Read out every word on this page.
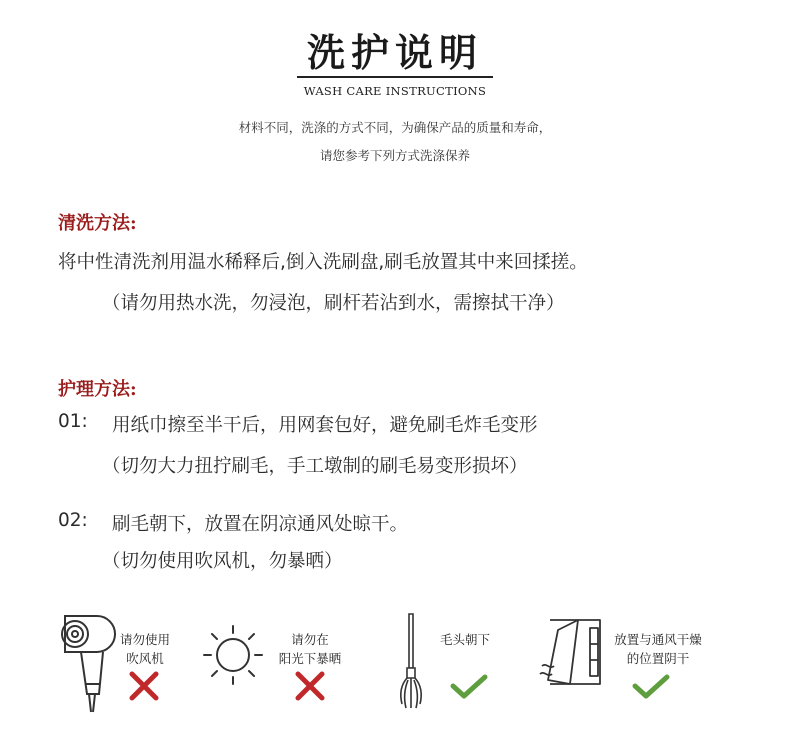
洗护说明
WASH CARE INSTRUCTIONS
材料不同，洗涤的方式不同，为确保产品的质量和寿命，
请您参考下列方式洗涤保养
清洗方法:
将中性清洗剂用温水稀释后,倒入洗刷盘,刷毛放置其中来回揉搓。
（请勿用热水洗，勿浸泡，刷杆若沾到水，需擦拭干净）
护理方法:
01: 用纸巾擦至半干后，用网套包好，避免刷毛炸毛变形
（切勿大力扭拧刷毛，手工墩制的刷毛易变形损坏）
02: 刷毛朝下，放置在阴凉通风处晾干。
（切勿使用吹风机，勿暴晒）
请勿使用
吹风机
请勿在
阳光下暴晒
毛头朝下	放置与通风干燥
的位置阴干
